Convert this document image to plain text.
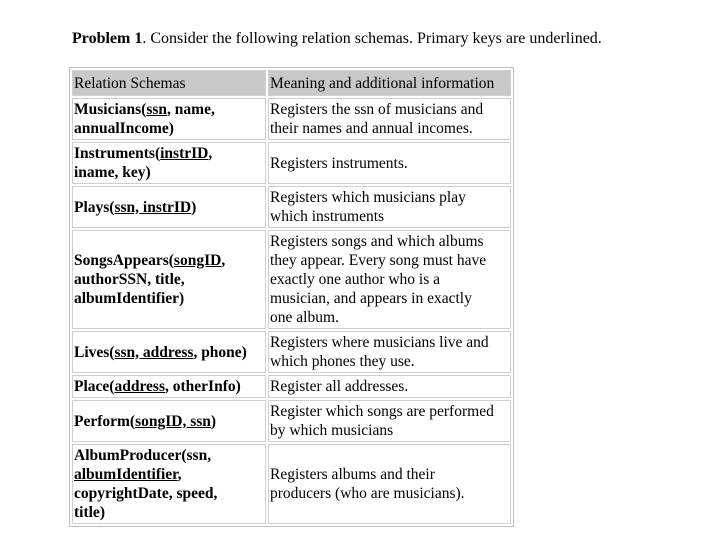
Problem 1. Consider the following relation schemas. Primary keys are underlined.
Relation Schemas	Meaning and additional information
Musicians(ssn, name,
annualIncome)	Registers the ssn of musicians and
their names and annual incomes.
Instruments(instrID,
iname, key)	Registers instruments.
Plays(ssn, instrID)	Registers which musicians play
which instruments
SongsAppears(songID,
authorSSN, title,
albumIdentifier)	Registers songs and which albums
they appear. Every song must have
exactly one author who is a
musician, and appears in exactly
one album.
Lives(ssn, address, phone)	Registers where musicians live and
which phones they use.
Place(address, otherInfo)	Register all addresses.
Perform(songID, ssn)	Register which songs are performed
by which musicians
AlbumProducer(ssn,
albumIdentifier,
copyrightDate, speed,
title)	Registers albums and their
producers (who are musicians).
